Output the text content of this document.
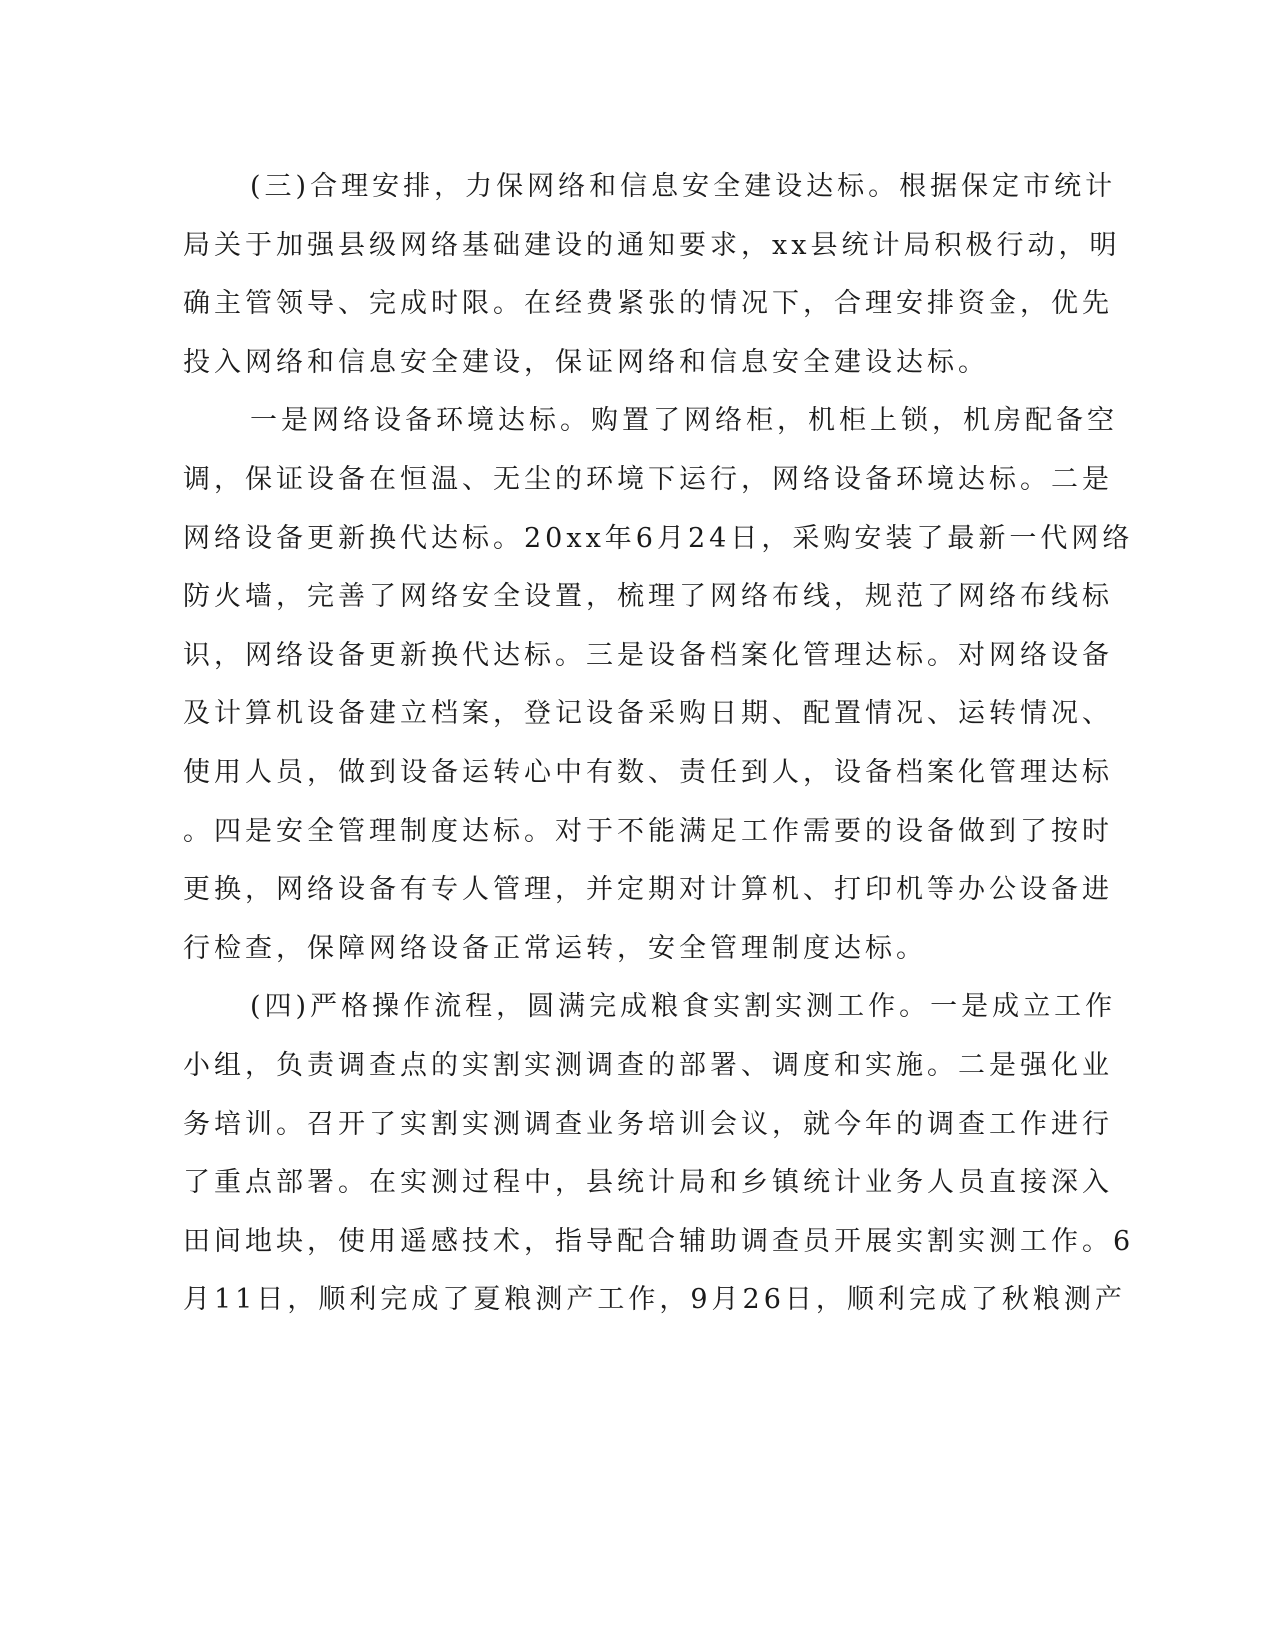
(三)合理安排，力保网络和信息安全建设达标。根据保定市统计
局关于加强县级网络基础建设的通知要求，xx县统计局积极行动，明
确主管领导、完成时限。在经费紧张的情况下，合理安排资金，优先
投入网络和信息安全建设，保证网络和信息安全建设达标。
一是网络设备环境达标。购置了网络柜，机柜上锁，机房配备空
调，保证设备在恒温、无尘的环境下运行，网络设备环境达标。二是
网络设备更新换代达标。20xx年6月24日，采购安装了最新一代网络
防火墙，完善了网络安全设置，梳理了网络布线，规范了网络布线标
识，网络设备更新换代达标。三是设备档案化管理达标。对网络设备
及计算机设备建立档案，登记设备采购日期、配置情况、运转情况、
使用人员，做到设备运转心中有数、责任到人，设备档案化管理达标
。四是安全管理制度达标。对于不能满足工作需要的设备做到了按时
更换，网络设备有专人管理，并定期对计算机、打印机等办公设备进
行检查，保障网络设备正常运转，安全管理制度达标。
(四)严格操作流程，圆满完成粮食实割实测工作。一是成立工作
小组，负责调查点的实割实测调查的部署、调度和实施。二是强化业
务培训。召开了实割实测调查业务培训会议，就今年的调查工作进行
了重点部署。在实测过程中，县统计局和乡镇统计业务人员直接深入
田间地块，使用遥感技术，指导配合辅助调查员开展实割实测工作。6
月11日，顺利完成了夏粮测产工作，9月26日，顺利完成了秋粮测产
